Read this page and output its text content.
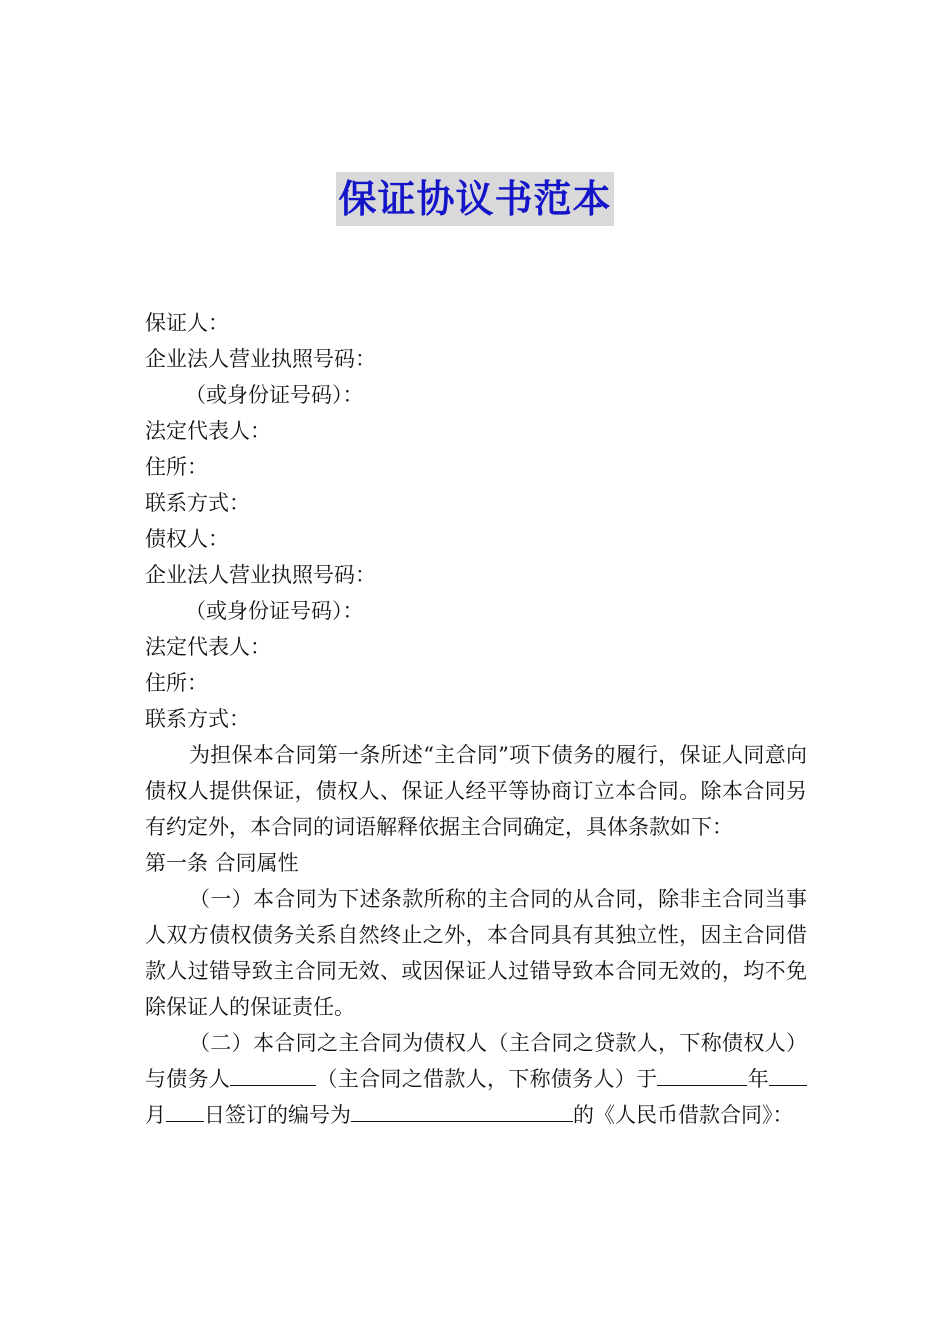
保证协议书范本

保证人：

企业法人营业执照号码：

（或身份证号码）：

法定代表人：

住所：

联系方式：

债权人：

企业法人营业执照号码：

（或身份证号码）：

法定代表人：

住所：

联系方式：

为担保本合同第一条所述“主合同”项下债务的履行，保证人同意向债权人提供保证，债权人、保证人经平等协商订立本合同。除本合同另有约定外，本合同的词语解释依据主合同确定，具体条款如下：

第一条 合同属性

（一）本合同为下述条款所称的主合同的从合同，除非主合同当事人双方债权债务关系自然终止之外，本合同具有其独立性，因主合同借款人过错导致主合同无效、或因保证人过错导致本合同无效的，均不免除保证人的保证责任。

（二）本合同之主合同为债权人（主合同之贷款人，下称债权人）与债务人	（主合同之借款人，下称债务人）于	年月 日签订的编号为	的《人民币借款合同》：
